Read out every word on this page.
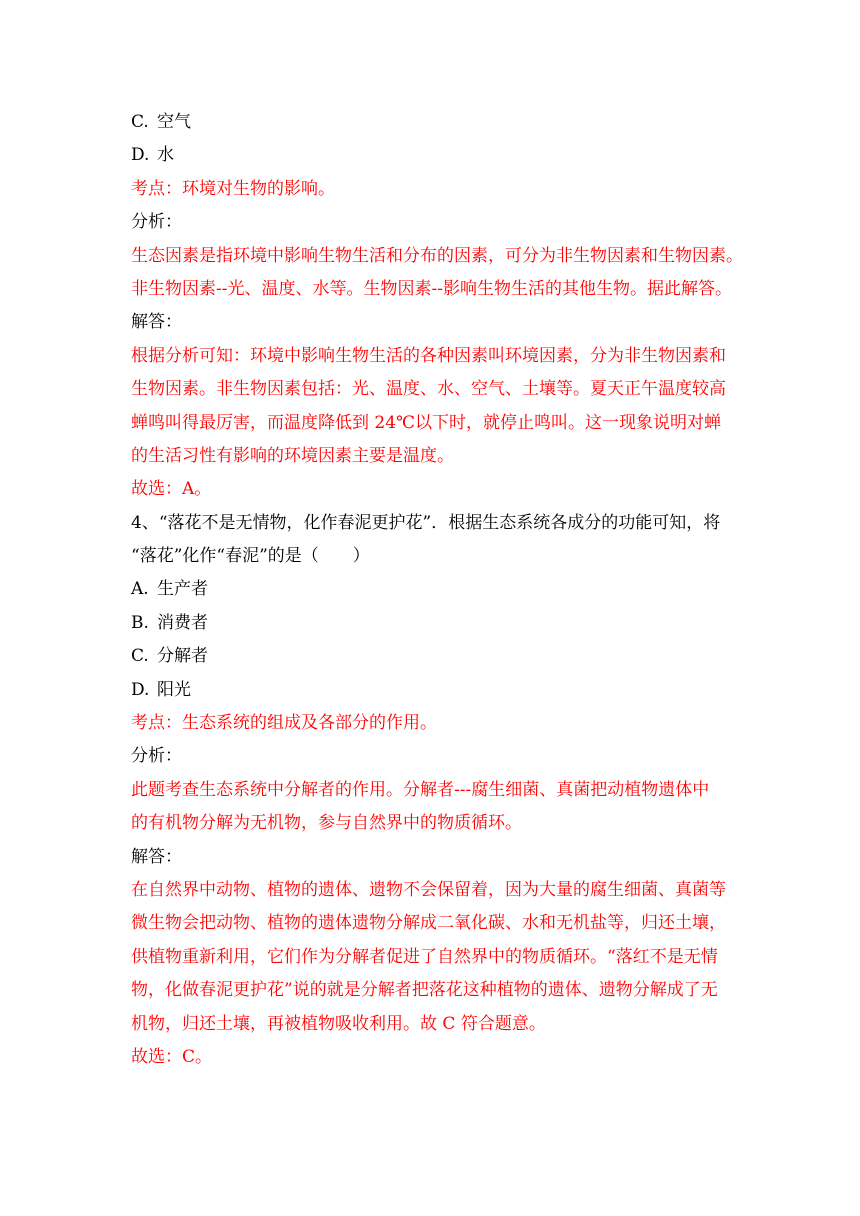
C. 空气

D. 水

考点：环境对生物的影响。

分析：

生态因素是指环境中影响生物生活和分布的因素，可分为非生物因素和生物因素。

非生物因素--光、温度、水等。生物因素--影响生物生活的其他生物。据此解答。

解答：

根据分析可知：环境中影响生物生活的各种因素叫环境因素，分为非生物因素和

生物因素。非生物因素包括：光、温度、水、空气、土壤等。夏天正午温度较高

蝉鸣叫得最厉害，而温度降低到 24℃以下时，就停止鸣叫。这一现象说明对蝉

的生活习性有影响的环境因素主要是温度。

故选：A。

4、“落花不是无情物，化作春泥更护花”．根据生态系统各成分的功能可知，将

“落花”化作“春泥”的是（　　）

A. 生产者

B. 消费者

C. 分解者

D. 阳光

考点：生态系统的组成及各部分的作用。

分析：

此题考查生态系统中分解者的作用。分解者---腐生细菌、真菌把动植物遗体中

的有机物分解为无机物，参与自然界中的物质循环。

解答：

在自然界中动物、植物的遗体、遗物不会保留着，因为大量的腐生细菌、真菌等

微生物会把动物、植物的遗体遗物分解成二氧化碳、水和无机盐等，归还土壤，

供植物重新利用，它们作为分解者促进了自然界中的物质循环。“落红不是无情

物，化做春泥更护花”说的就是分解者把落花这种植物的遗体、遗物分解成了无

机物，归还土壤，再被植物吸收利用。故 C 符合题意。

故选：C。
